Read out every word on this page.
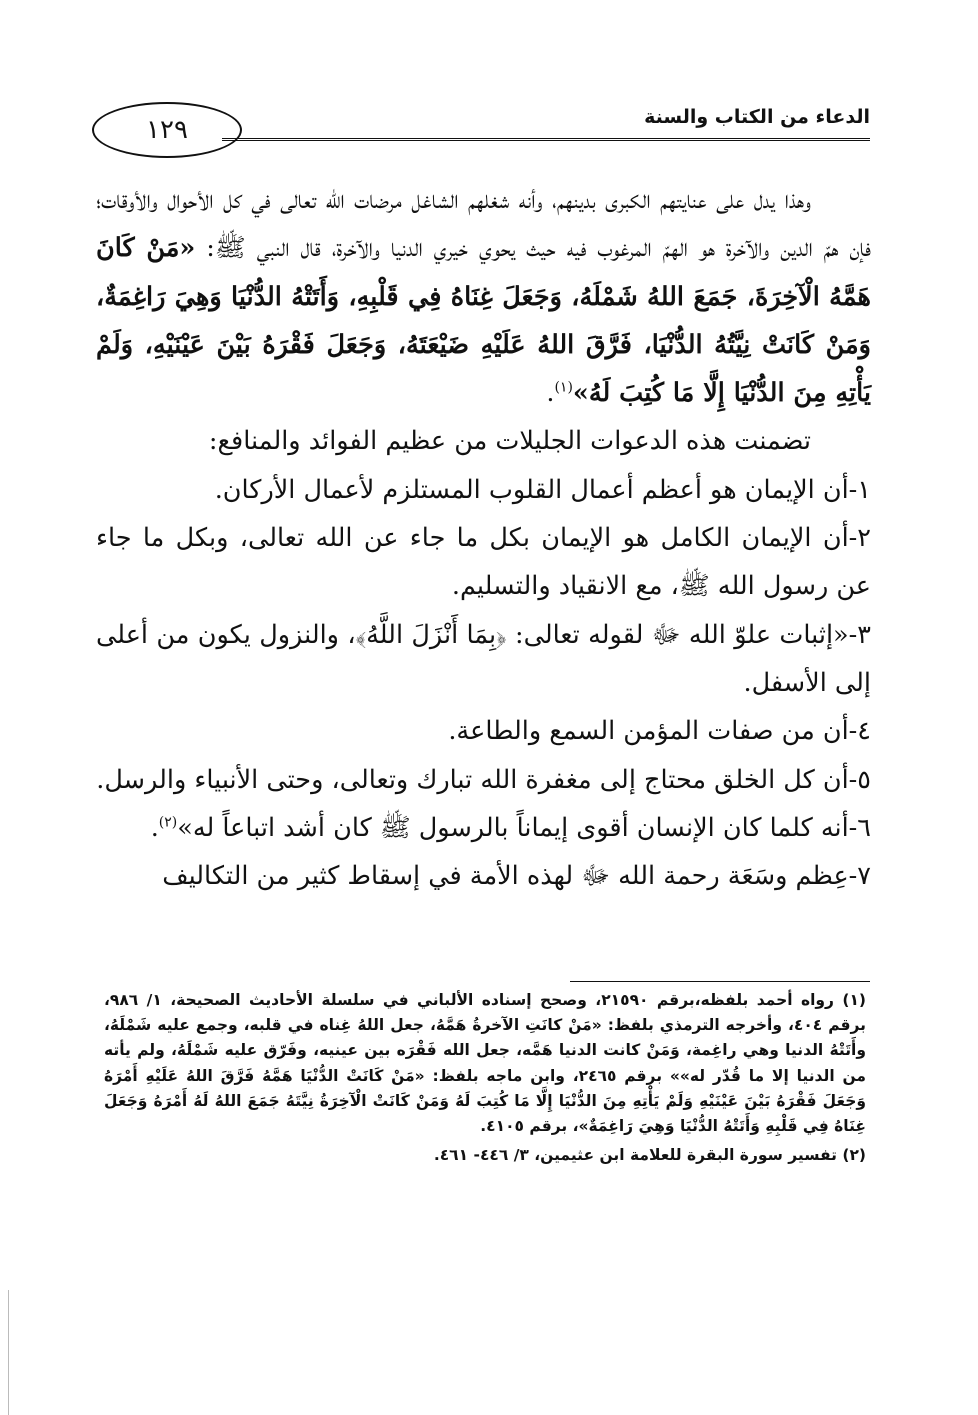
الدعاء من الكتاب والسنة
١٢٩

وهذا يدل على عنايتهم الكبرى بدينهم، وأنه شغلهم الشاغل مرضات الله تعالى في كل الأحوال والأوقات؛ فإن همّ الدين والآخرة هو الهمّ المرغوب فيه حيث يحوي خيري الدنيا والآخرة، قال النبي ﷺ: «مَنْ كَانَ هَمَّهُ الْآخِرَةَ، جَمَعَ اللهُ شَمْلَهُ، وَجَعَلَ غِنَاهُ فِي قَلْبِهِ، وَأَتَتْهُ الدُّنْيَا وَهِيَ رَاغِمَةٌ، وَمَنْ كَانَتْ نِيَّتُهُ الدُّنْيَا، فَرَّقَ اللهُ عَلَيْهِ ضَيْعَتَهُ، وَجَعَلَ فَقْرَهُ بَيْنَ عَيْنَيْهِ، وَلَمْ يَأْتِهِ مِنَ الدُّنْيَا إِلَّا مَا كُتِبَ لَهُ»$^{(١)}$.

تضمنت هذه الدعوات الجليلات من عظيم الفوائد والمنافع:

١-أن الإيمان هو أعظم أعمال القلوب المستلزم لأعمال الأركان.
٢-أن الإيمان الكامل هو الإيمان بكل ما جاء عن الله تعالى، وبكل ما جاء عن رسول الله ﷺ، مع الانقياد والتسليم.
٣-«إثبات علوّ الله ﷻ لقوله تعالى: ﴿بِمَا أَنْزَلَ اللَّهُ﴾، والنزول يكون من أعلى إلى الأسفل.
٤-أن من صفات المؤمن السمع والطاعة.
٥-أن كل الخلق محتاج إلى مغفرة الله تبارك وتعالى، وحتى الأنبياء والرسل.
٦-أنه كلما كان الإنسان أقوى إيماناً بالرسول ﷺ كان أشد اتباعاً له»$^{(٢)}$.
٧-عِظم وسَعَة رحمة الله ﷻ لهذه الأمة في إسقاط كثير من التكاليف

(١) رواه أحمد بلفظه،برقم ٢١٥٩٠، وصحح إسناده الألباني في سلسلة الأحاديث الصحيحة، ١/ ٩٨٦، برقم ٤٠٤، وأخرجه الترمذي بلفظ: «مَنْ كانَتِ الآخرةُ هَمَّهُ، جعل اللهُ غِناه في قلبه، وجمع عليه شَمْلَهُ، وأَتَتْهُ الدنيا وهي راغِمة، وَمَنْ كانت الدنيا هَمَّه، جعل الله فَقْرَه بين عينيه، وفَرّق عليه شَمْلَهُ، ولم يأته من الدنيا إلا ما قُدّر له»» برقم ٢٤٦٥، وابن ماجه بلفظ: «مَنْ كَانَتْ الدُّنْيَا هَمَّهُ فَرَّقَ اللهُ عَلَيْهِ أَمْرَهُ وَجَعَلَ فَقْرَهُ بَيْنَ عَيْنَيْهِ وَلَمْ يَأْتِهِ مِنَ الدُّنْيَا إِلَّا مَا كُتِبَ لَهُ وَمَنْ كَانَتْ الْآخِرَةُ نِيَّتَهُ جَمَعَ اللهُ لَهُ أَمْرَهُ وَجَعَلَ غِنَاهُ فِي قَلْبِهِ وَأَتَتْهُ الدُّنْيَا وَهِيَ رَاغِمَةٌ»، برقم ٤١٠٥.

(٢) تفسير سورة البقرة للعلامة ابن عثيمين، ٣/ ٤٤٦- ٤٦١.
